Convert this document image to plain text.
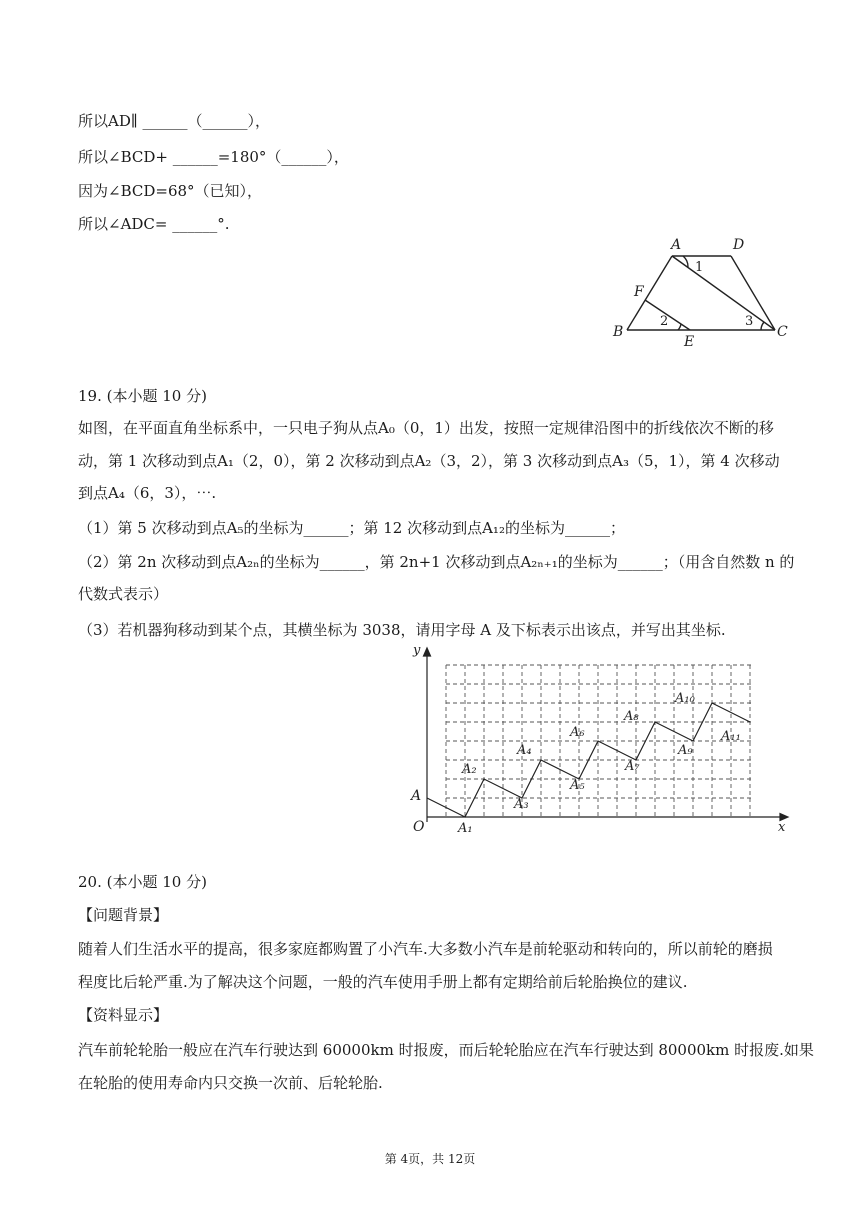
所以AD∥ ______（______），
所以∠BCD+ ______=180°（______），
因为∠BCD=68°（已知），
所以∠ADC= ______°.
A	D
F
B
E
C
1
2	3
19. (本小题 10 分)
如图，在平面直角坐标系中，一只电子狗从点A₀（0，1）出发，按照一定规律沿图中的折线依次不断的移
动，第 1 次移动到点A₁（2，0），第 2 次移动到点A₂（3，2），第 3 次移动到点A₃（5，1），第 4 次移动
到点A₄（6，3），⋯.
（1）第 5 次移动到点A₅的坐标为______；第 12 次移动到点A₁₂的坐标为______；
（2）第 2n 次移动到点A₂ₙ的坐标为______，第 2n+1 次移动到点A₂ₙ₊₁的坐标为______；（用含自然数 n 的
代数式表示）
（3）若机器狗移动到某个点，其横坐标为 3038，请用字母 A 及下标表示出该点，并写出其坐标.
y
x
O
A
A₁
A₂
A₃
A₄
A₅
A₆
A₇
A₈
A₉
A₁₀
A₁₁
20. (本小题 10 分)
【问题背景】
随着人们生活水平的提高，很多家庭都购置了小汽车.大多数小汽车是前轮驱动和转向的，所以前轮的磨损
程度比后轮严重.为了解决这个问题，一般的汽车使用手册上都有定期给前后轮胎换位的建议.
【资料显示】
汽车前轮轮胎一般应在汽车行驶达到 60000km 时报废，而后轮轮胎应在汽车行驶达到 80000km 时报废.如果
在轮胎的使用寿命内只交换一次前、后轮轮胎.
第 4页，共 12页
